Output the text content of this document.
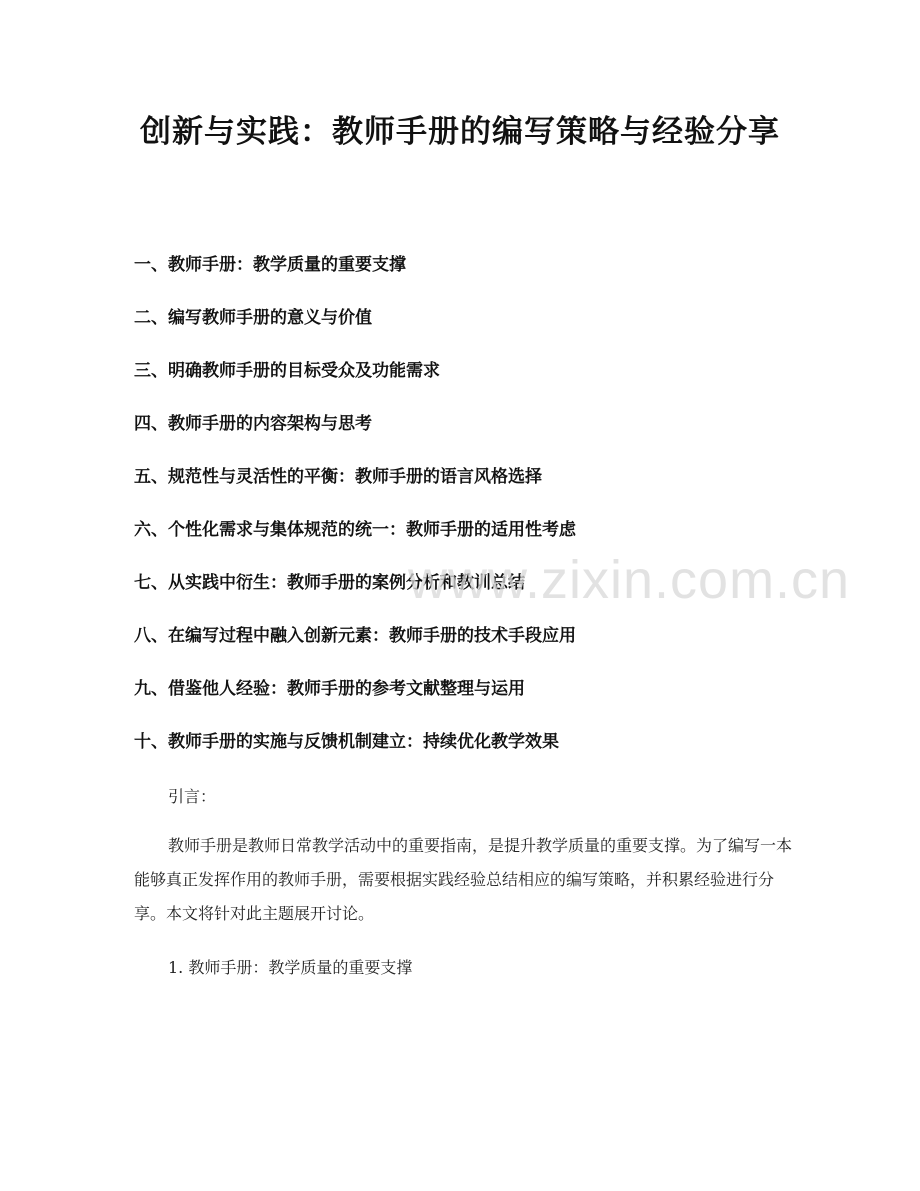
创新与实践：教师手册的编写策略与经验分享
一、教师手册：教学质量的重要支撑
二、编写教师手册的意义与价值
三、明确教师手册的目标受众及功能需求
四、教师手册的内容架构与思考
五、规范性与灵活性的平衡：教师手册的语言风格选择
六、个性化需求与集体规范的统一：教师手册的适用性考虑
七、从实践中衍生：教师手册的案例分析和教训总结
八、在编写过程中融入创新元素：教师手册的技术手段应用
九、借鉴他人经验：教师手册的参考文献整理与运用
十、教师手册的实施与反馈机制建立：持续优化教学效果

引言：

教师手册是教师日常教学活动中的重要指南，是提升教学质量的重要支撑。为了编写一本能够真正发挥作用的教师手册，需要根据实践经验总结相应的编写策略，并积累经验进行分享。本文将针对此主题展开讨论。

1. 教师手册：教学质量的重要支撑

www.zixin.com.cn
